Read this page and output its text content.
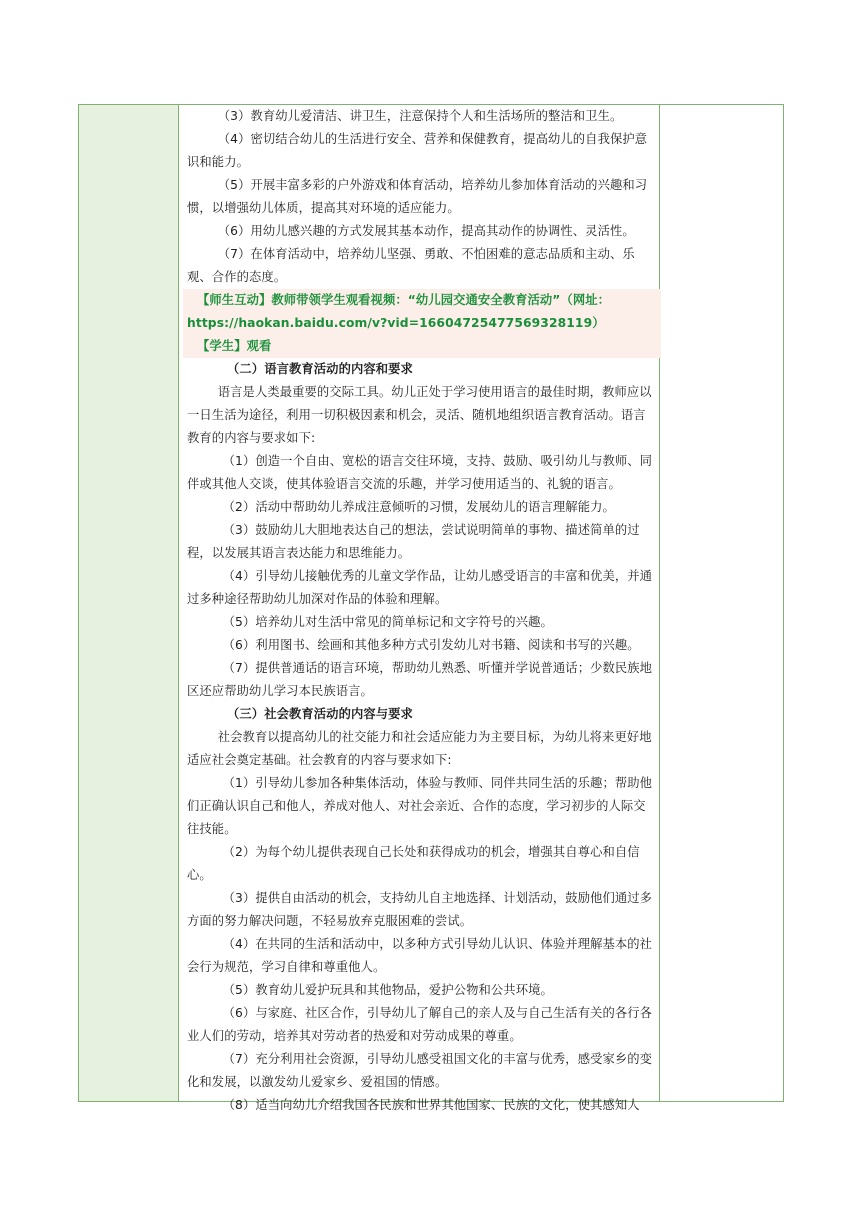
（3）教育幼儿爱清洁、讲卫生，注意保持个人和生活场所的整洁和卫生。

（4）密切结合幼儿的生活进行安全、营养和保健教育，提高幼儿的自我保护意识和能力。

（5）开展丰富多彩的户外游戏和体育活动，培养幼儿参加体育活动的兴趣和习惯，以增强幼儿体质，提高其对环境的适应能力。

（6）用幼儿感兴趣的方式发展其基本动作，提高其动作的协调性、灵活性。

（7）在体育活动中，培养幼儿坚强、勇敢、不怕困难的意志品质和主动、乐观、合作的态度。

【师生互动】教师带领学生观看视频：“幼儿园交通安全教育活动”（网址：
https://haokan.baidu.com/v?vid=16604725477569328119）
【学生】观看
（二）语言教育活动的内容和要求

语言是人类最重要的交际工具。幼儿正处于学习使用语言的最佳时期，教师应以一日生活为途径，利用一切积极因素和机会，灵活、随机地组织语言教育活动。语言教育的内容与要求如下:

（1）创造一个自由、宽松的语言交往环境，支持、鼓励、吸引幼儿与教师、同伴或其他人交谈，使其体验语言交流的乐趣，并学习使用适当的、礼貌的语言。

（2）活动中帮助幼儿养成注意倾听的习惯，发展幼儿的语言理解能力。

（3）鼓励幼儿大胆地表达自己的想法，尝试说明简单的事物、描述简单的过程，以发展其语言表达能力和思维能力。

（4）引导幼儿接触优秀的儿童文学作品，让幼儿感受语言的丰富和优美，并通过多种途径帮助幼儿加深对作品的体验和理解。

（5）培养幼儿对生活中常见的简单标记和文字符号的兴趣。

（6）利用图书、绘画和其他多种方式引发幼儿对书籍、阅读和书写的兴趣。

（7）提供普通话的语言环境，帮助幼儿熟悉、听懂并学说普通话；少数民族地区还应帮助幼儿学习本民族语言。

（三）社会教育活动的内容与要求

社会教育以提高幼儿的社交能力和社会适应能力为主要目标，为幼儿将来更好地适应社会奠定基础。社会教育的内容与要求如下:

（1）引导幼儿参加各种集体活动，体验与教师、同伴共同生活的乐趣；帮助他们正确认识自己和他人，养成对他人、对社会亲近、合作的态度，学习初步的人际交往技能。

（2）为每个幼儿提供表现自己长处和获得成功的机会，增强其自尊心和自信心。

（3）提供自由活动的机会，支持幼儿自主地选择、计划活动，鼓励他们通过多方面的努力解决问题，不轻易放弃克服困难的尝试。

（4）在共同的生活和活动中，以多种方式引导幼儿认识、体验并理解基本的社会行为规范，学习自律和尊重他人。

（5）教育幼儿爱护玩具和其他物品，爱护公物和公共环境。

（6）与家庭、社区合作，引导幼儿了解自己的亲人及与自己生活有关的各行各业人们的劳动，培养其对劳动者的热爱和对劳动成果的尊重。

（7）充分利用社会资源，引导幼儿感受祖国文化的丰富与优秀，感受家乡的变化和发展，以激发幼儿爱家乡、爱祖国的情感。

（8）适当向幼儿介绍我国各民族和世界其他国家、民族的文化，使其感知人
